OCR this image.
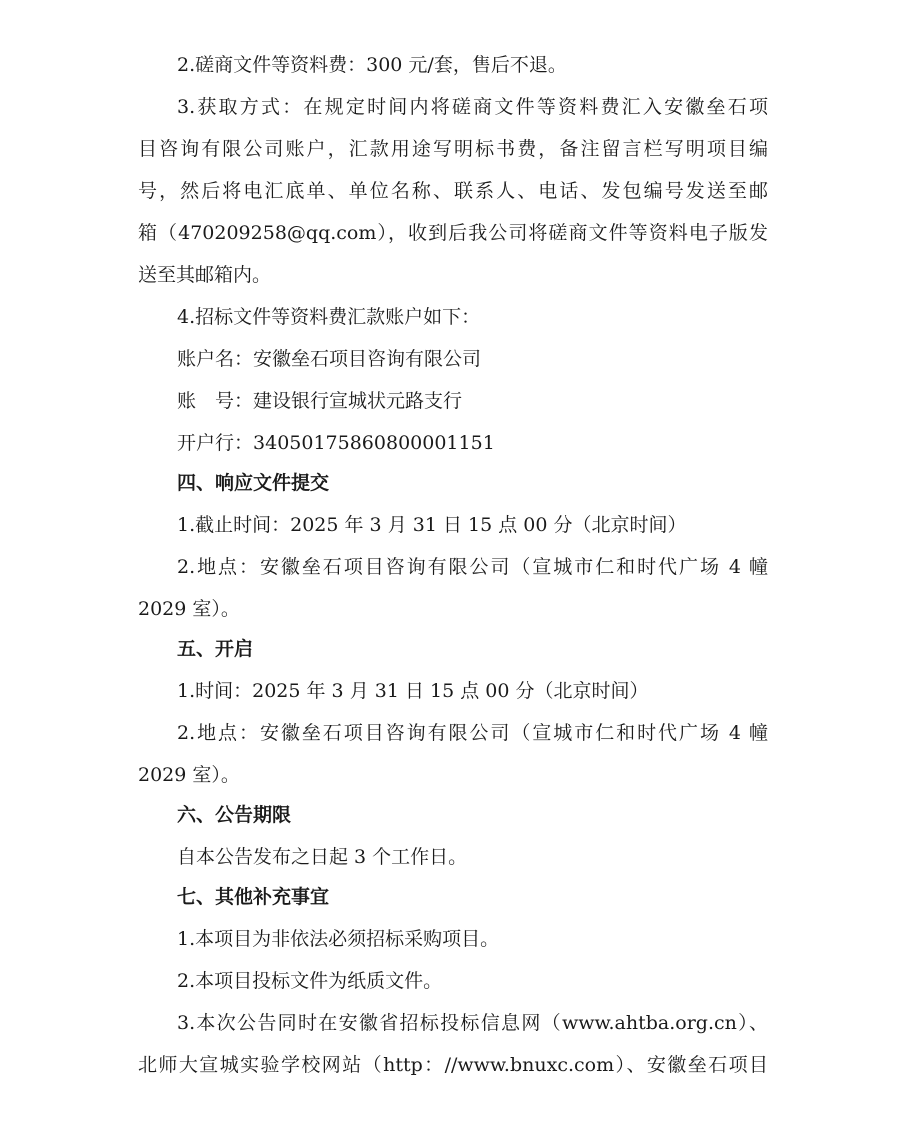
2.磋商文件等资料费：300 元/套，售后不退。
3.获取方式：在规定时间内将磋商文件等资料费汇入安徽垒石项
目咨询有限公司账户，汇款用途写明标书费，备注留言栏写明项目编
号，然后将电汇底单、单位名称、联系人、电话、发包编号发送至邮
箱（470209258@qq.com），收到后我公司将磋商文件等资料电子版发
送至其邮箱内。
4.招标文件等资料费汇款账户如下：
账户名：安徽垒石项目咨询有限公司
账　号：建设银行宣城状元路支行
开户行：34050175860800001151
四、响应文件提交
1.截止时间：2025 年 3 月 31 日 15 点 00 分（北京时间）
2.地点：安徽垒石项目咨询有限公司（宣城市仁和时代广场 4 幢
2029 室）。
五、开启
1.时间：2025 年 3 月 31 日 15 点 00 分（北京时间）
2.地点：安徽垒石项目咨询有限公司（宣城市仁和时代广场 4 幢
2029 室）。
六、公告期限
自本公告发布之日起 3 个工作日。
七、其他补充事宜
1.本项目为非依法必须招标采购项目。
2.本项目投标文件为纸质文件。
3.本次公告同时在安徽省招标投标信息网（www.ahtba.org.cn）、
北师大宣城实验学校网站（http：//www.bnuxc.com）、安徽垒石项目
